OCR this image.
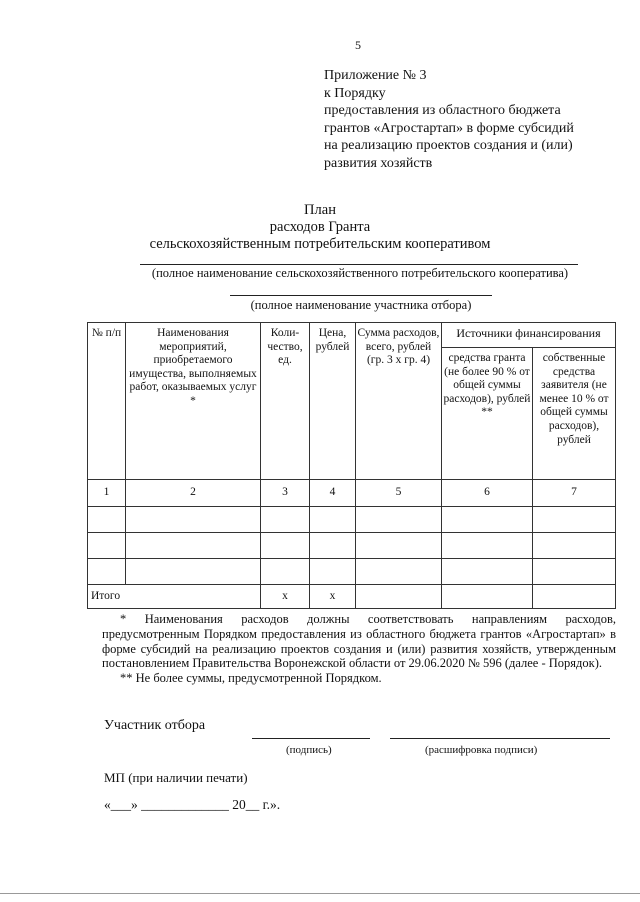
5
Приложение № 3
к Порядку
предоставления из областного бюджета
грантов «Агростартап» в форме субсидий
на реализацию проектов создания и (или)
развития хозяйств
План
расходов Гранта
сельскохозяйственным потребительским кооперативом
(полное наименование сельскохозяйственного потребительского кооператива)
(полное наименование участника отбора)
№ п/п	Наименования мероприятий, приобретаемого имущества, выполняемых работ, оказываемых услуг *	Коли-чество, ед.	Цена, рублей	Сумма расходов, всего, рублей (гр. 3 х гр. 4)	Источники финансирования	
					средства гранта (не более 90 % от общей суммы расходов), рублей **	собственные средства заявителя (не менее 10 % от общей суммы расходов), рублей
1	2	3	4	5	6	7

Итого		x	x			

* Наименования расходов должны соответствовать направлениям расходов, предусмотренным Порядком предоставления из областного бюджета грантов «Агростартап» в форме субсидий на реализацию проектов создания и (или) развития хозяйств, утвержденным постановлением Правительства Воронежской области от 29.06.2020 № 596 (далее - Порядок).

** Не более суммы, предусмотренной Порядком.

Участник отбора
(подпись)	(расшифровка подписи)
МП (при наличии печати)
«___» _____________ 20__ г.».
